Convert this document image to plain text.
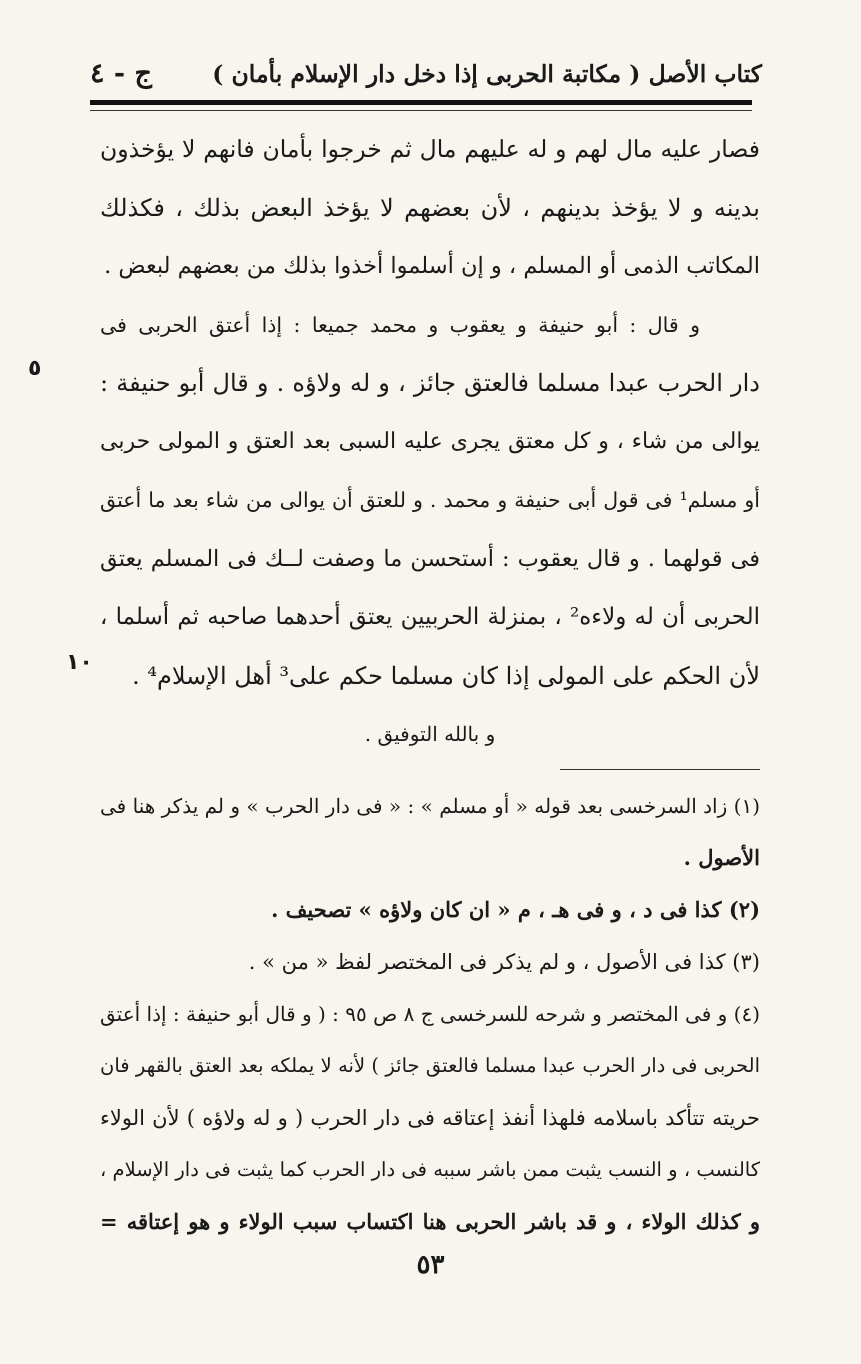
كتاب الأصل ( مكاتبة الحربى إذا دخل دار الإسلام بأمان )
ج - ٤
فصار عليه مال لهم و له عليهم مال ثم خرجوا بأمان فانهم لا يؤخذون
بدينه و لا يؤخذ بدينهم ، لأن بعضهم لا يؤخذ البعض بذلك ، فكذلك
المكاتب الذمى أو المسلم ، و إن أسلموا أخذوا بذلك من بعضهم لبعض .
و قال : أبو حنيفة و يعقوب و محمد جميعا : إذا أعتق الحربى فى
دار الحرب عبدا مسلما فالعتق جائز ، و له ولاؤه . و قال أبو حنيفة :
يوالى من شاء ، و كل معتق يجرى عليه السبى بعد العتق و المولى حربى
أو مسلم¹ فى قول أبى حنيفة و محمد . و للعتق أن يوالى من شاء بعد ما أعتق
فى قولهما . و قال يعقوب : أستحسن ما وصفت لــك فى المسلم يعتق
الحربى أن له ولاءه² ، بمنزلة الحربيين يعتق أحدهما صاحبه ثم أسلما ،
لأن الحكم على المولى إذا كان مسلما حكم على³ أهل الإسلام⁴ .
و بالله التوفيق .
٥
١٠
(١) زاد السرخسى بعد قوله « أو مسلم » : « فى دار الحرب » و لم يذكر هنا فى
الأصول .
(٢) كذا فى د ، و فى هـ ، م « ان كان ولاؤه » تصحيف .
(٣) كذا فى الأصول ، و لم يذكر فى المختصر لفظ « من » .
(٤) و فى المختصر و شرحه للسرخسى ج ٨ ص ٩٥ : ( و قال أبو حنيفة : إذا أعتق
الحربى فى دار الحرب عبدا مسلما فالعتق جائز ) لأنه لا يملكه بعد العتق بالقهر فان
حريته تتأكد باسلامه فلهذا أنفذ إعتاقه فى دار الحرب ( و له ولاؤه ) لأن الولاء
كالنسب ، و النسب يثبت ممن باشر سببه فى دار الحرب كما يثبت فى دار الإسلام ،
و كذلك الولاء ، و قد باشر الحربى هنا اكتساب سبب الولاء و هو إعتاقه =
٥٣
